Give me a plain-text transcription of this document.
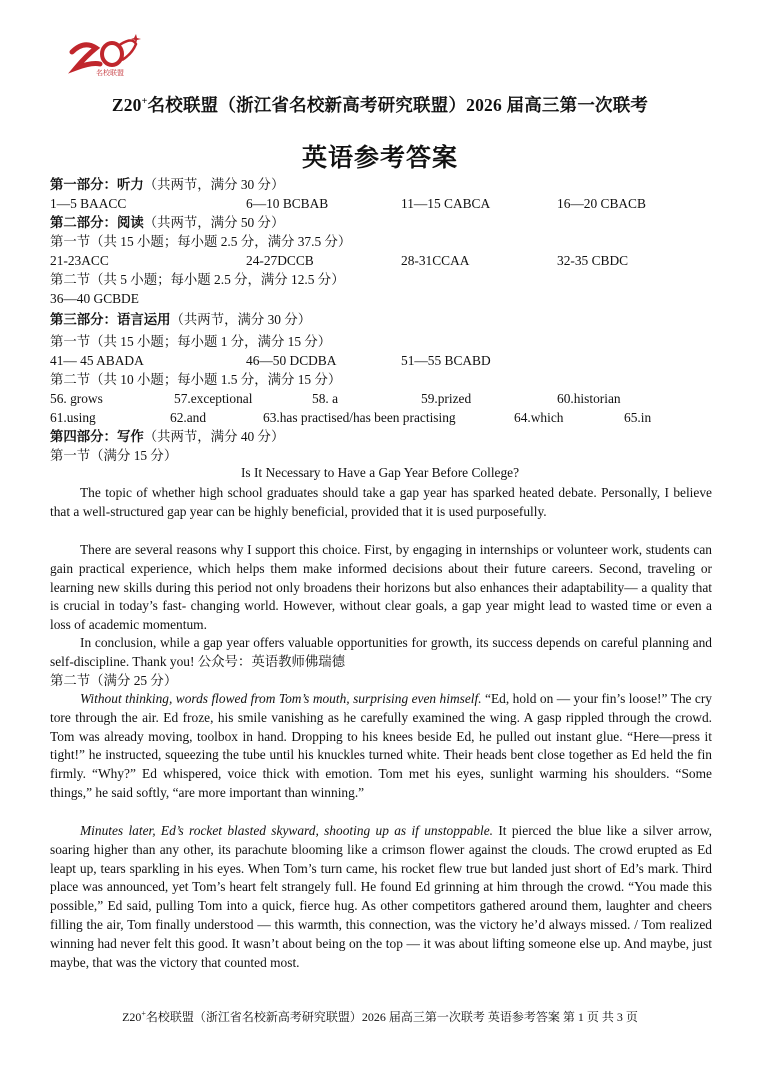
名校联盟
Z20+名校联盟（浙江省名校新高考研究联盟）2026 届高三第一次联考
英语参考答案
第一部分：听力（共两节，满分 30 分）
1—5 BAACC	6—10 BCBAB	11—15 CABCA	16—20 CBACB
第二部分：阅读（共两节，满分 50 分）
第一节（共 15 小题；每小题 2.5 分，满分 37.5 分）
21-23ACC	24-27DCCB	28-31CCAA	32-35 CBDC
第二节（共 5 小题；每小题 2.5 分，满分 12.5 分）
36—40 GCBDE
第三部分：语言运用（共两节，满分 30 分）
第一节（共 15 小题；每小题 1 分，满分 15 分）
41— 45 ABADA	46—50 DCDBA	51—55 BCABD
第二节（共 10 小题；每小题 1.5 分，满分 15 分）
56. grows	57.exceptional	58. a	59.prized	60.historian
61.using	62.and	63.has practised/has been practising	64.which	65.in
第四部分：写作（共两节，满分 40 分）
第一节（满分 15 分）
Is It Necessary to Have a Gap Year Before College?
The topic of whether high school graduates should take a gap year has sparked heated debate. Personally, I believe that a well-structured gap year can be highly beneficial, provided that it is used purposefully.
There are several reasons why I support this choice. First, by engaging in internships or volunteer work, students can gain practical experience, which helps them make informed decisions about their future careers. Second, traveling or learning new skills during this period not only broadens their horizons but also enhances their adaptability— a quality that is crucial in today’s fast- changing world. However, without clear goals, a gap year might lead to wasted time or even a loss of academic momentum.
In conclusion, while a gap year offers valuable opportunities for growth, its success depends on careful planning and self-discipline. Thank you! 公众号：英语教师佛瑞德
第二节（满分 25 分）
Without thinking, words flowed from Tom’s mouth, surprising even himself. “Ed, hold on — your fin’s loose!” The cry tore through the air. Ed froze, his smile vanishing as he carefully examined the wing. A gasp rippled through the crowd. Tom was already moving, toolbox in hand. Dropping to his knees beside Ed, he pulled out instant glue. “Here—press it tight!” he instructed, squeezing the tube until his knuckles turned white. Their heads bent close together as Ed held the fin firmly. “Why?” Ed whispered, voice thick with emotion. Tom met his eyes, sunlight warming his shoulders. “Some things,” he said softly, “are more important than winning.”
Minutes later, Ed’s rocket blasted skyward, shooting up as if unstoppable. It pierced the blue like a silver arrow, soaring higher than any other, its parachute blooming like a crimson flower against the clouds. The crowd erupted as Ed leapt up, tears sparkling in his eyes. When Tom’s turn came, his rocket flew true but landed just short of Ed’s mark. Third place was announced, yet Tom’s heart felt strangely full. He found Ed grinning at him through the crowd. “You made this possible,” Ed said, pulling Tom into a quick, fierce hug. As other competitors gathered around them, laughter and cheers filling the air, Tom finally understood — this warmth, this connection, was the victory he’d always missed. / Tom realized winning had never felt this good. It wasn’t about being on the top — it was about lifting someone else up. And maybe, just maybe, that was the victory that counted most.
Z20+名校联盟（浙江省名校新高考研究联盟）2026 届高三第一次联考 英语参考答案 第 1 页 共 3 页
